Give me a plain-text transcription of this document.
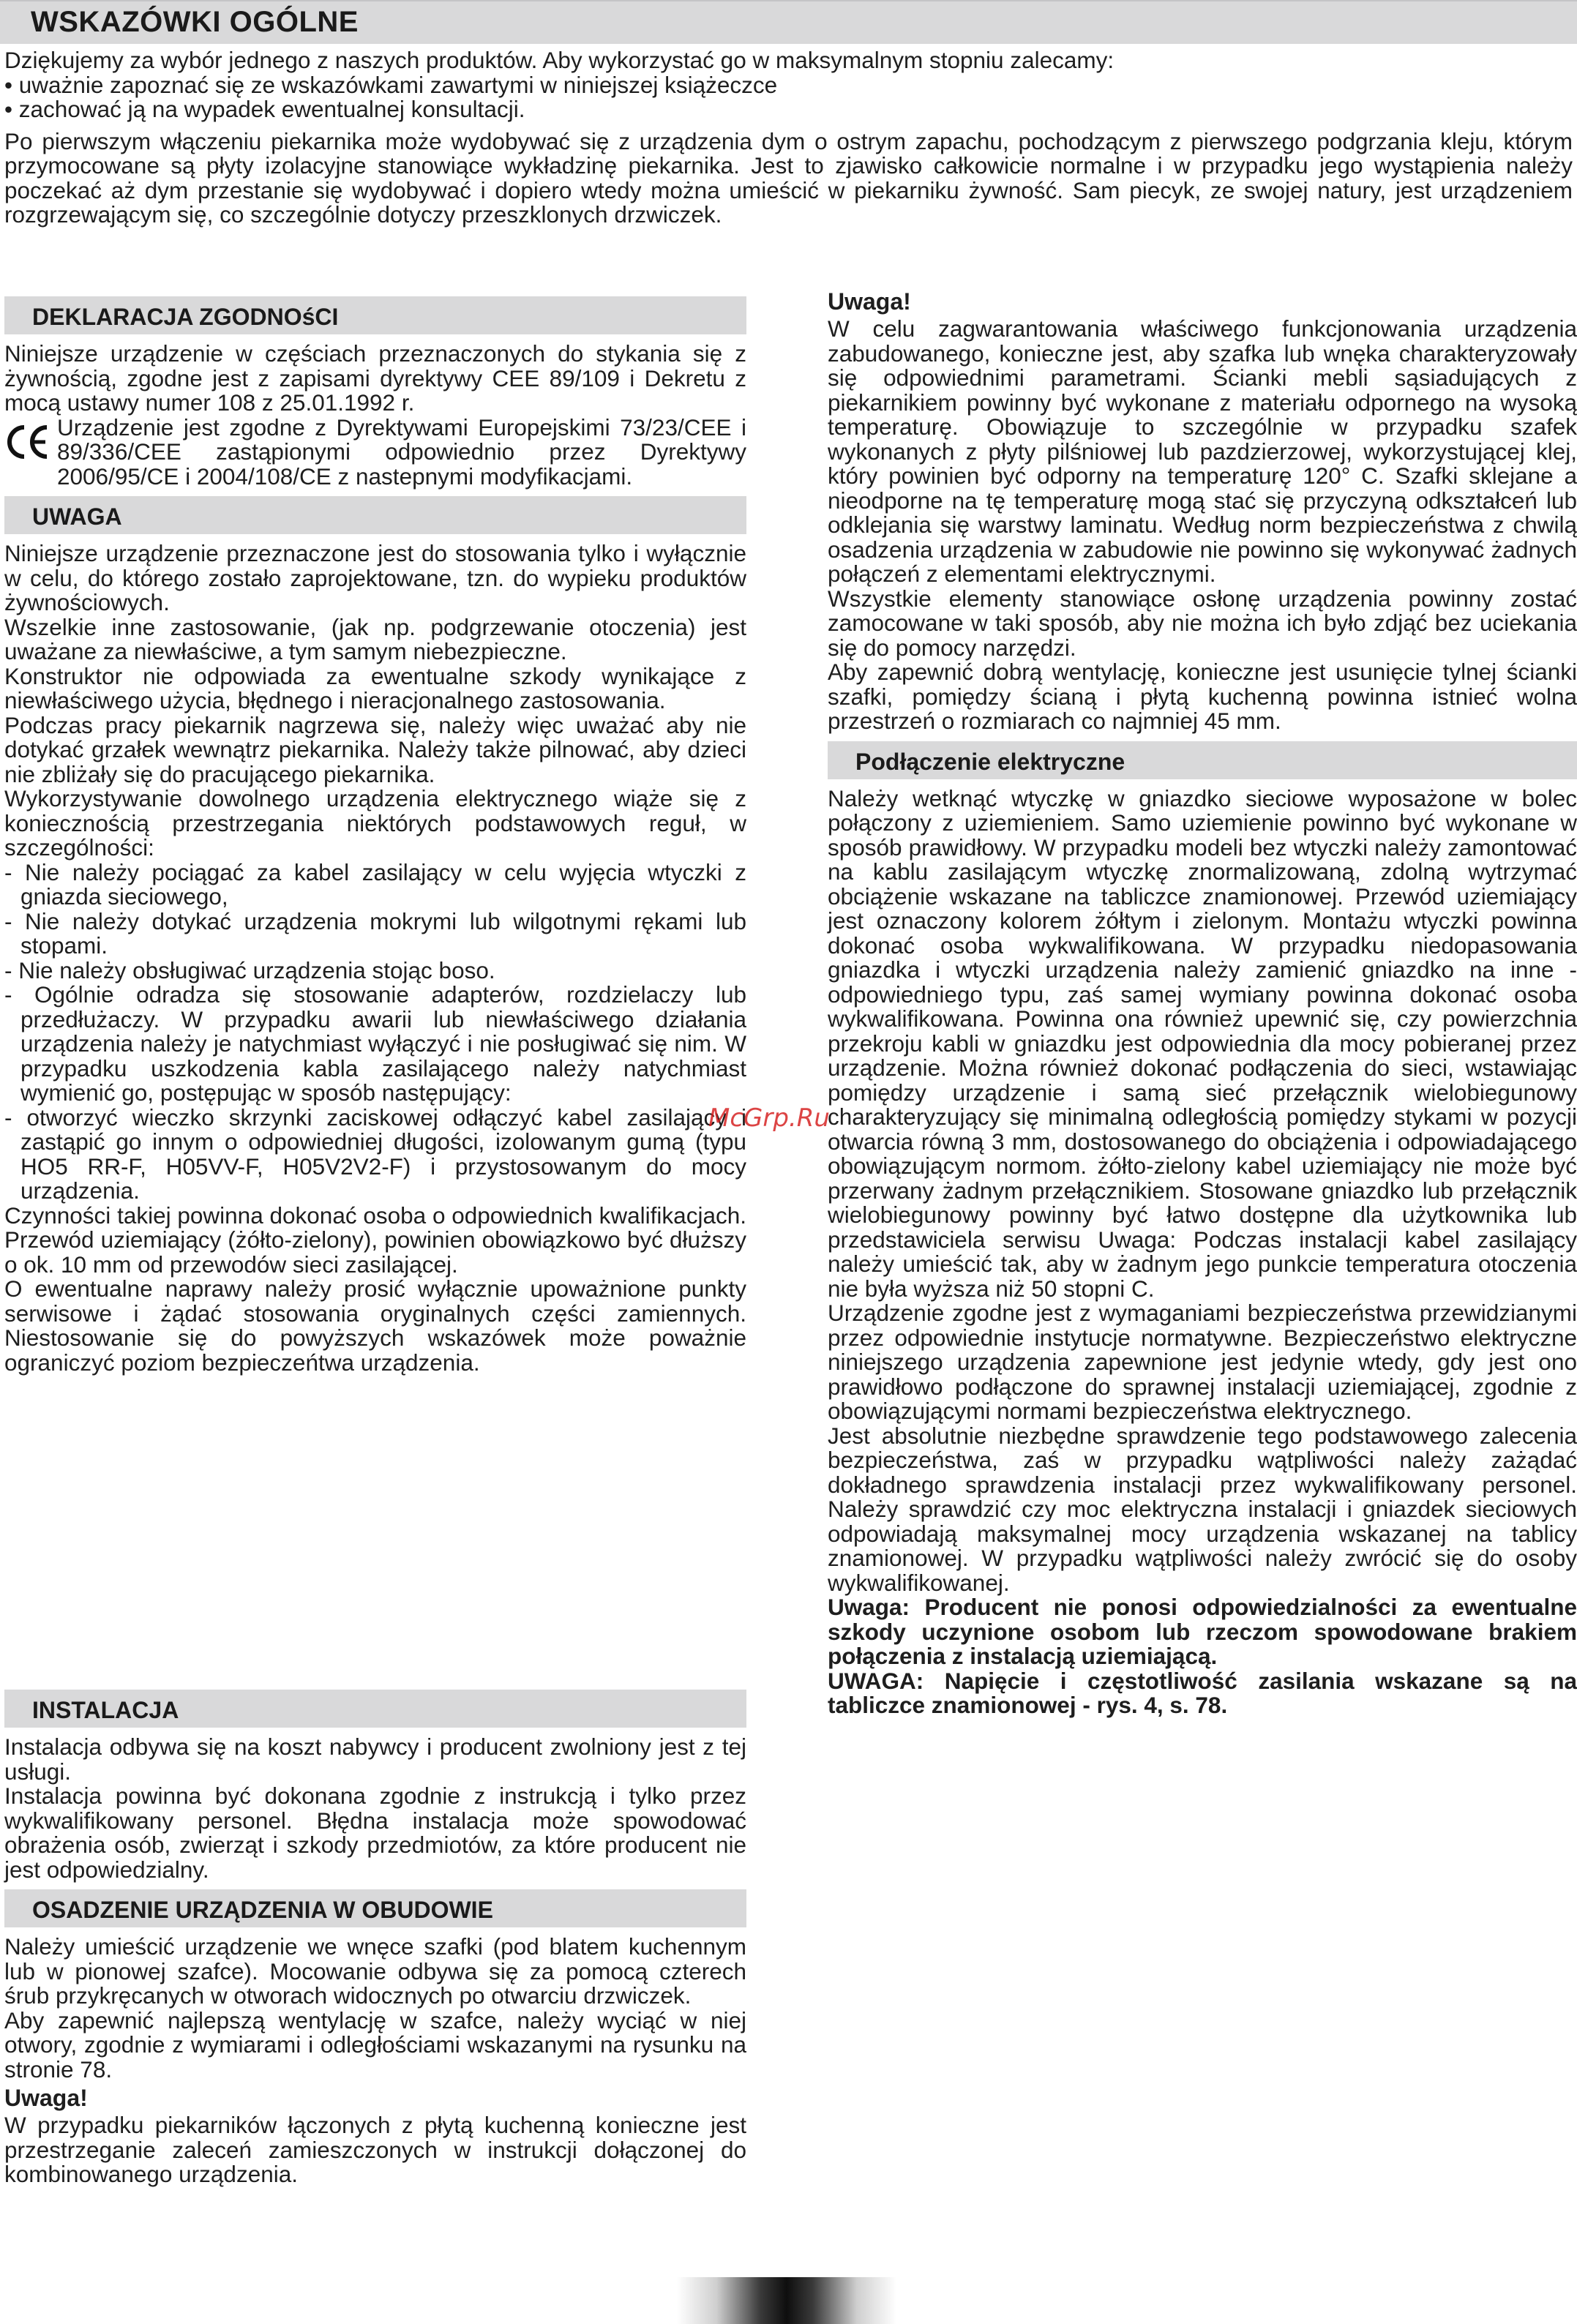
WSKAZÓWKI OGÓLNE

Dziękujemy za wybór jednego z naszych produktów. Aby wykorzystać go w maksymalnym stopniu zalecamy:

• uważnie zapoznać się ze wskazówkami zawartymi w niniejszej książeczce

• zachować ją na wypadek ewentualnej konsultacji.

Po pierwszym włączeniu piekarnika może wydobywać się z urządzenia dym o ostrym zapachu, pochodzącym z pierwszego podgrzania kleju, którym przymocowane są płyty izolacyjne stanowiące wykładzinę piekarnika. Jest to zjawisko całkowicie normalne i w przypadku jego wystąpienia należy poczekać aż dym przestanie się wydobywać i dopiero wtedy można umieścić w piekarniku żywność. Sam piecyk, ze swojej natury, jest urządzeniem rozgrzewającym się, co szczególnie dotyczy przeszklonych drzwiczek.

DEKLARACJA ZGODNOśCI

Niniejsze urządzenie w częściach przeznaczonych do stykania się z żywnością, zgodne jest z zapisami dyrektywy CEE 89/109 i Dekretu z mocą ustawy numer 108 z 25.01.1992 r.

Urządzenie jest zgodne z Dyrektywami Europejskimi 73/23/CEE i 89/336/CEE zastąpionymi odpowiednio przez Dyrektywy 2006/95/CE i 2004/108/CE z nastepnymi modyfikacjami.

UWAGA

Niniejsze urządzenie przeznaczone jest do stosowania tylko i wyłącznie w celu, do którego zostało zaprojektowane, tzn. do wypieku produktów żywnościowych.

Wszelkie inne zastosowanie, (jak np. podgrzewanie otoczenia) jest uważane za niewłaściwe, a tym samym niebezpieczne.

Konstruktor nie odpowiada za ewentualne szkody wynikające z niewłaściwego użycia, błędnego i nieracjonalnego zastosowania.

Podczas pracy piekarnik nagrzewa się, należy więc uważać aby nie dotykać grzałek wewnątrz piekarnika. Należy także pilnować, aby dzieci nie zbliżały się do pracującego piekarnika.

Wykorzystywanie dowolnego urządzenia elektrycznego wiąże się z koniecznością przestrzegania niektórych podstawowych reguł, w szczególności:

- Nie należy pociągać za kabel zasilający w celu wyjęcia wtyczki z gniazda sieciowego,

- Nie należy dotykać urządzenia mokrymi lub wilgotnymi rękami lub stopami.

- Nie należy obsługiwać urządzenia stojąc boso.

- Ogólnie odradza się stosowanie adapterów, rozdzielaczy lub przedłużaczy. W przypadku awarii lub niewłaściwego działania urządzenia należy je natychmiast wyłączyć i nie posługiwać się nim. W przypadku uszkodzenia kabla zasilającego należy natychmiast wymienić go, postępując w sposób następujący:

- otworzyć wieczko skrzynki zaciskowej odłączyć kabel zasilający i zastąpić go innym o odpowiedniej długości, izolowanym gumą (typu HO5 RR-F, H05VV-F, H05V2V2-F) i przystosowanym do mocy urządzenia.

Czynności takiej powinna dokonać osoba o odpowiednich kwalifikacjach. Przewód uziemiający (żółto-zielony), powinien obowiązkowo być dłuższy o ok. 10 mm od przewodów sieci zasilającej.

O ewentualne naprawy należy prosić wyłącznie upoważnione punkty serwisowe i żądać stosowania oryginalnych części zamiennych. Niestosowanie się do powyższych wskazówek może poważnie ograniczyć poziom bezpieczeńtwa urządzenia.

INSTALACJA

Instalacja odbywa się na koszt nabywcy i producent zwolniony jest z tej usługi.

Instalacja powinna być dokonana zgodnie z instrukcją i tylko przez wykwalifikowany personel. Błędna instalacja może spowodować obrażenia osób, zwierząt i szkody przedmiotów, za które producent nie jest odpowiedzialny.

OSADZENIE URZĄDZENIA W OBUDOWIE

Należy umieścić urządzenie we wnęce szafki (pod blatem kuchennym lub w pionowej szafce). Mocowanie odbywa się za pomocą czterech śrub przykręcanych w otworach widocznych po otwarciu drzwiczek.

Aby zapewnić najlepszą wentylację w szafce, należy wyciąć w niej otwory, zgodnie z wymiarami i odległościami wskazanymi na rysunku na stronie 78.

Uwaga!

W przypadku piekarników łączonych z płytą kuchenną konieczne jest przestrzeganie zaleceń zamieszczonych w instrukcji dołączonej do kombinowanego urządzenia.

Uwaga!

W celu zagwarantowania właściwego funkcjonowania urządzenia zabudowanego, konieczne jest, aby szafka lub wnęka charakteryzowały się odpowiednimi parametrami. Ścianki mebli sąsiadujących z piekarnikiem powinny być wykonane z materiału odpornego na wysoką temperaturę. Obowiązuje to szczególnie w przypadku szafek wykonanych z płyty pilśniowej lub pazdzierzowej, wykorzystującej klej, który powinien być odporny na temperaturę 120° C. Szafki sklejane a nieodporne na tę temperaturę mogą stać się przyczyną odkształceń lub odklejania się warstwy laminatu. Według norm bezpieczeństwa z chwilą osadzenia urządzenia w zabudowie nie powinno się wykonywać żadnych połączeń z elementami elektrycznymi.

Wszystkie elementy stanowiące osłonę urządzenia powinny zostać zamocowane w taki sposób, aby nie można ich było zdjąć bez uciekania się do pomocy narzędzi.

Aby zapewnić dobrą wentylację, konieczne jest usunięcie tylnej ścianki szafki, pomiędzy ścianą i płytą kuchenną powinna istnieć wolna przestrzeń o rozmiarach co najmniej 45 mm.

Podłączenie elektryczne

Należy wetknąć wtyczkę w gniazdko sieciowe wyposażone w bolec połączony z uziemieniem. Samo uziemienie powinno być wykonane w sposób prawidłowy. W przypadku modeli bez wtyczki należy zamontować na kablu zasilającym wtyczkę znormalizowaną, zdolną wytrzymać obciążenie wskazane na tabliczce znamionowej. Przewód uziemiający jest oznaczony kolorem żółtym i zielonym. Montażu wtyczki powinna dokonać osoba wykwalifikowana. W przypadku niedopasowania gniazdka i wtyczki urządzenia należy zamienić gniazdko na inne - odpowiedniego typu, zaś samej wymiany powinna dokonać osoba wykwalifikowana. Powinna ona również upewnić się, czy powierzchnia przekroju kabli w gniazdku jest odpowiednia dla mocy pobieranej przez urządzenie. Można również dokonać podłączenia do sieci, wstawiając pomiędzy urządzenie i samą sieć przełącznik wielobiegunowy charakteryzujący się minimalną odległością pomiędzy stykami w pozycji otwarcia równą 3 mm, dostosowanego do obciążenia i odpowiadającego obowiązującym normom. żółto-zielony kabel uziemiający nie może być przerwany żadnym przełącznikiem. Stosowane gniazdko lub przełącznik wielobiegunowy powinny być łatwo dostępne dla użytkownika lub przedstawiciela serwisu Uwaga: Podczas instalacji kabel zasilający należy umieścić tak, aby w żadnym jego punkcie temperatura otoczenia nie była wyższa niż 50 stopni C.

Urządzenie zgodne jest z wymaganiami bezpieczeństwa przewidzianymi przez odpowiednie instytucje normatywne. Bezpieczeństwo elektryczne niniejszego urządzenia zapewnione jest jedynie wtedy, gdy jest ono prawidłowo podłączone do sprawnej instalacji uziemiającej, zgodnie z obowiązującymi normami bezpieczeństwa elektrycznego.

Jest absolutnie niezbędne sprawdzenie tego podstawowego zalecenia bezpieczeństwa, zaś w przypadku wątpliwości należy zażądać dokładnego sprawdzenia instalacji przez wykwalifikowany personel. Należy sprawdzić czy moc elektryczna instalacji i gniazdek sieciowych odpowiadają maksymalnej mocy urządzenia wskazanej na tablicy znamionowej. W przypadku wątpliwości należy zwrócić się do osoby wykwalifikowanej.

Uwaga: Producent nie ponosi odpowiedzialności za ewentualne szkody uczynione osobom lub rzeczom spowodowane brakiem połączenia z instalacją uziemiającą.

UWAGA: Napięcie i częstotliwość zasilania wskazane są na tabliczce znamionowej - rys. 4, s. 78.

McGrp.Ru
